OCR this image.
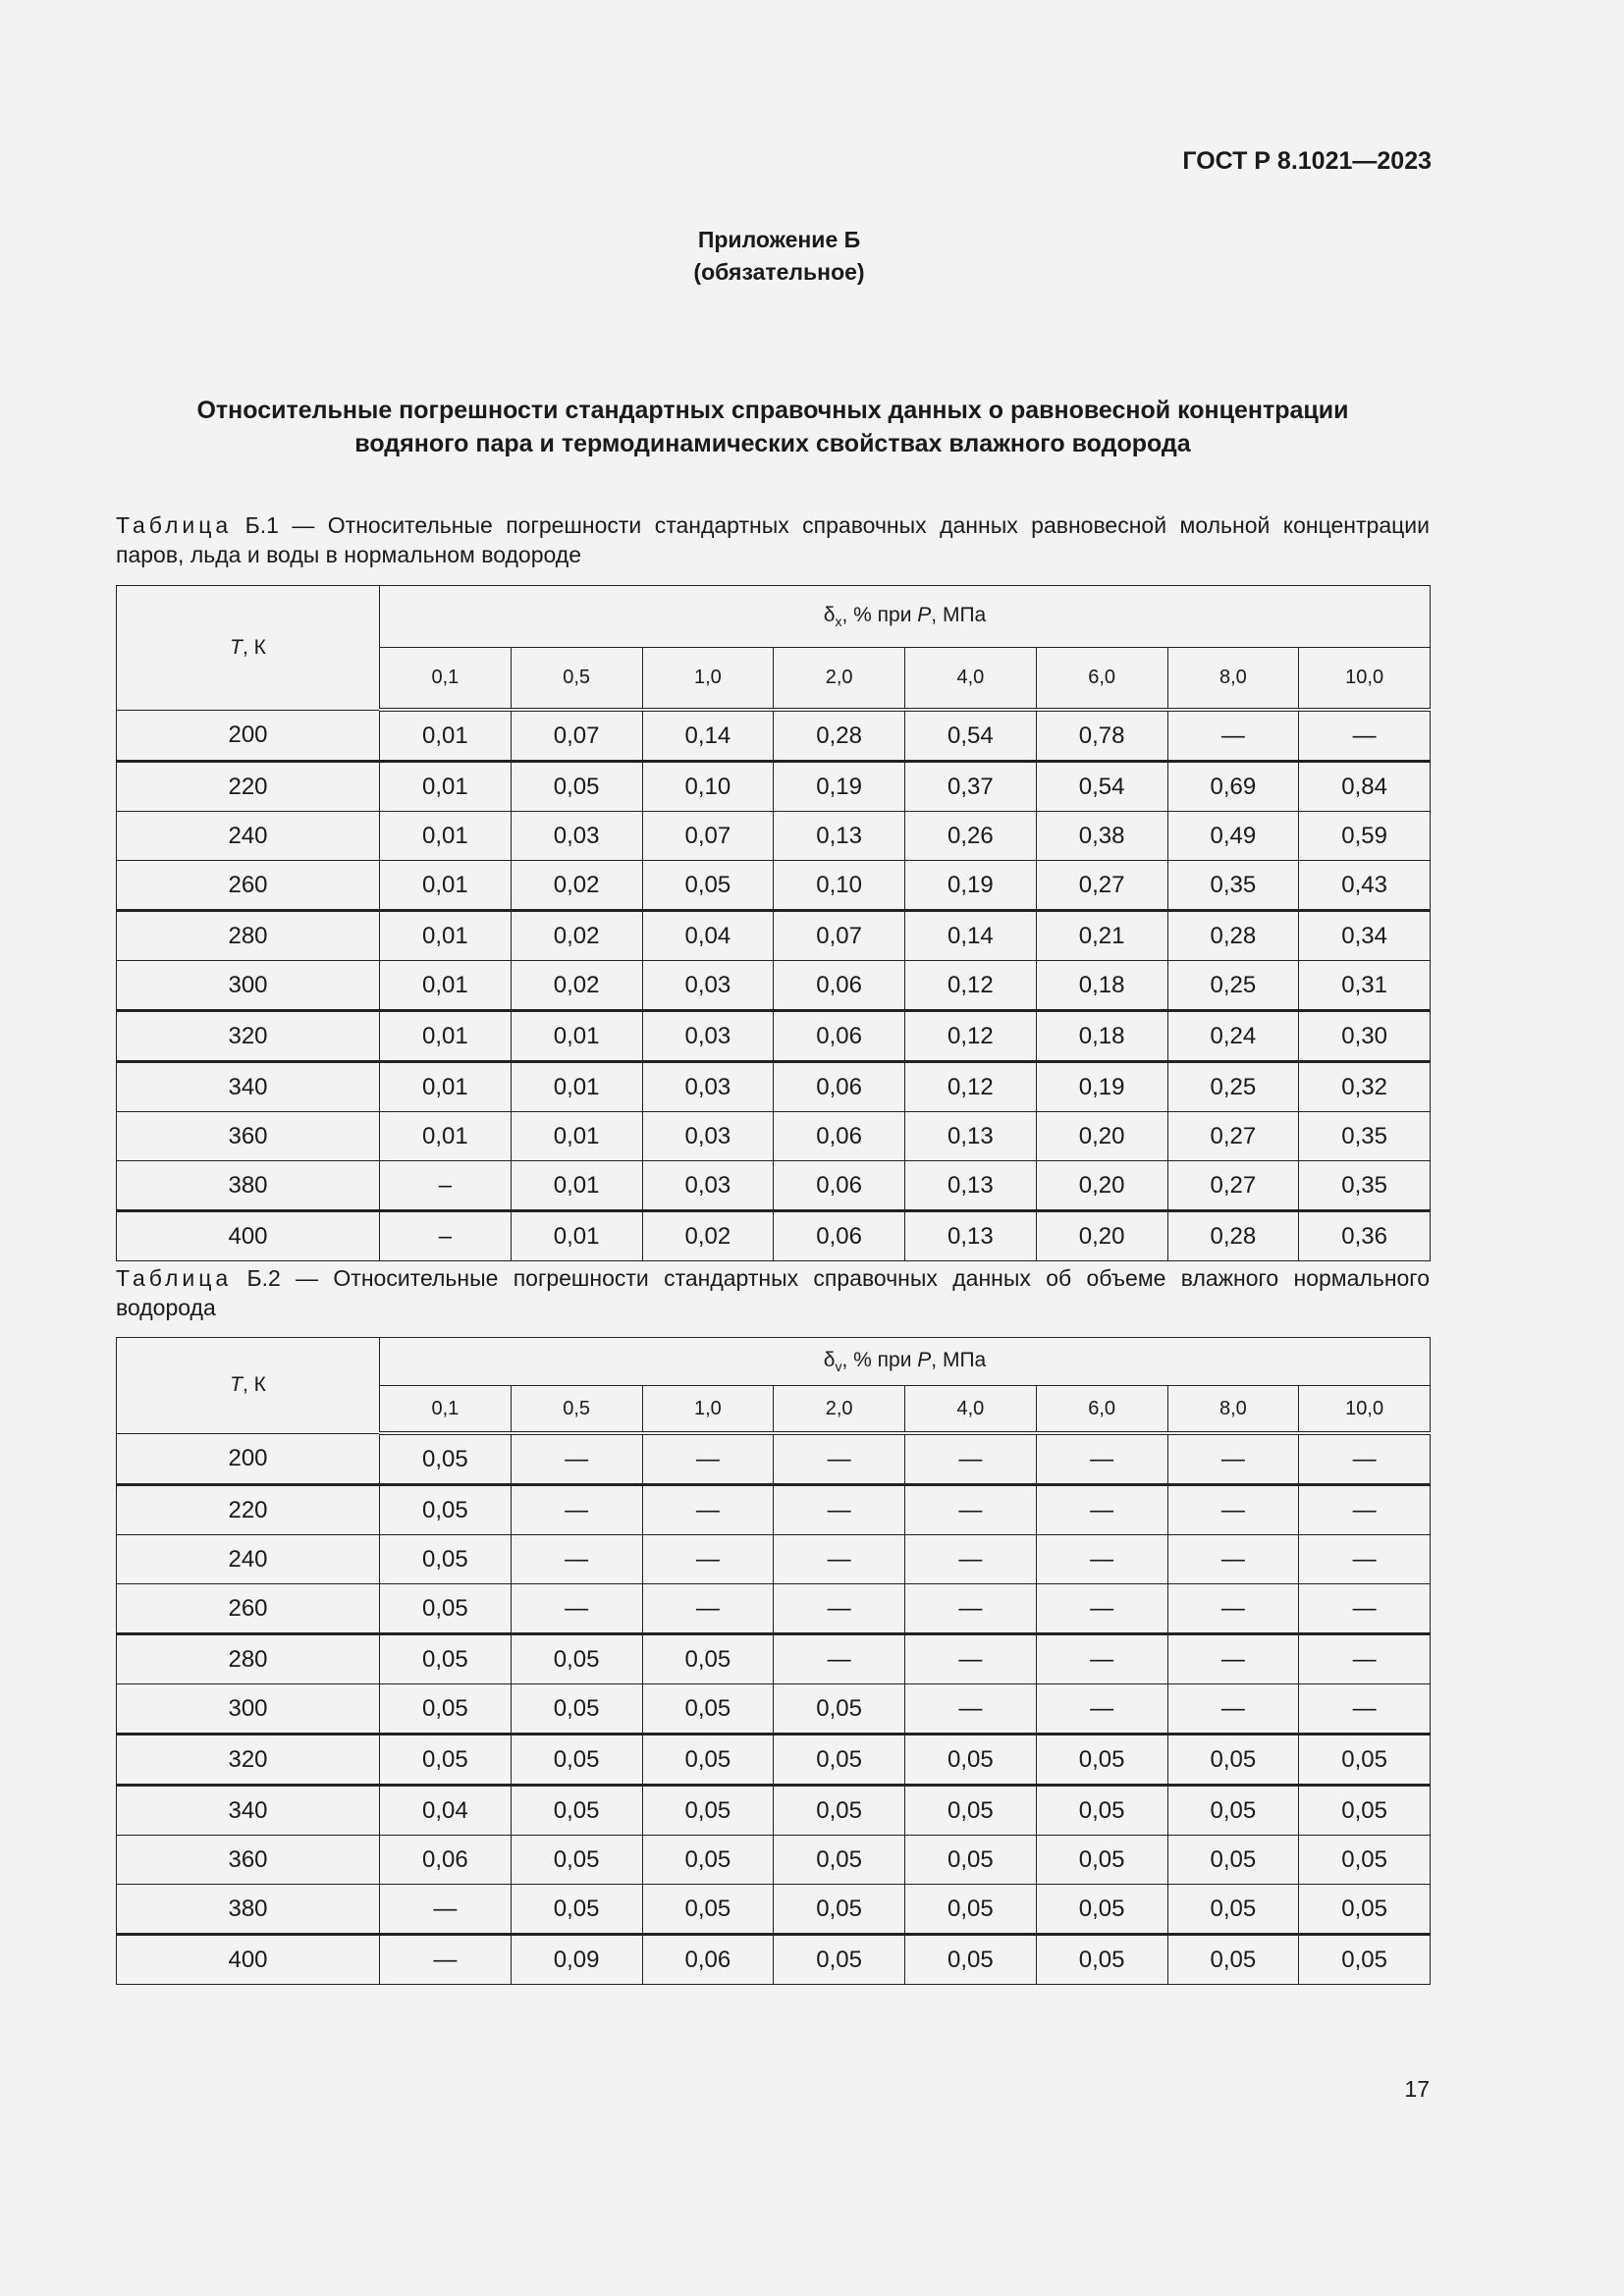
ГОСТ Р 8.1021—2023
Приложение Б
(обязательное)
Относительные погрешности стандартных справочных данных о равновесной концентрации
водяного пара и термодинамических свойствах влажного водорода
Таблица Б.1 — Относительные погрешности стандартных справочных данных равновесной мольной концентрации паров, льда и воды в нормальном водороде
T, К	$\delta_x$, % при P, МПа							
	0,1	0,5	1,0	2,0	4,0	6,0	8,0	10,0
200	0,01	0,07	0,14	0,28	0,54	0,78	—	—
220	0,01	0,05	0,10	0,19	0,37	0,54	0,69	0,84
240	0,01	0,03	0,07	0,13	0,26	0,38	0,49	0,59
260	0,01	0,02	0,05	0,10	0,19	0,27	0,35	0,43
280	0,01	0,02	0,04	0,07	0,14	0,21	0,28	0,34
300	0,01	0,02	0,03	0,06	0,12	0,18	0,25	0,31
320	0,01	0,01	0,03	0,06	0,12	0,18	0,24	0,30
340	0,01	0,01	0,03	0,06	0,12	0,19	0,25	0,32
360	0,01	0,01	0,03	0,06	0,13	0,20	0,27	0,35
380	–	0,01	0,03	0,06	0,13	0,20	0,27	0,35
400	–	0,01	0,02	0,06	0,13	0,20	0,28	0,36
Таблица Б.2 — Относительные погрешности стандартных справочных данных об объеме влажного нормального водорода
T, К	$\delta_v$, % при P, МПа							
	0,1	0,5	1,0	2,0	4,0	6,0	8,0	10,0
200	0,05	—	—	—	—	—	—	—
220	0,05	—	—	—	—	—	—	—
240	0,05	—	—	—	—	—	—	—
260	0,05	—	—	—	—	—	—	—
280	0,05	0,05	0,05	—	—	—	—	—
300	0,05	0,05	0,05	0,05	—	—	—	—
320	0,05	0,05	0,05	0,05	0,05	0,05	0,05	0,05
340	0,04	0,05	0,05	0,05	0,05	0,05	0,05	0,05
360	0,06	0,05	0,05	0,05	0,05	0,05	0,05	0,05
380	—	0,05	0,05	0,05	0,05	0,05	0,05	0,05
400	—	0,09	0,06	0,05	0,05	0,05	0,05	0,05
17
